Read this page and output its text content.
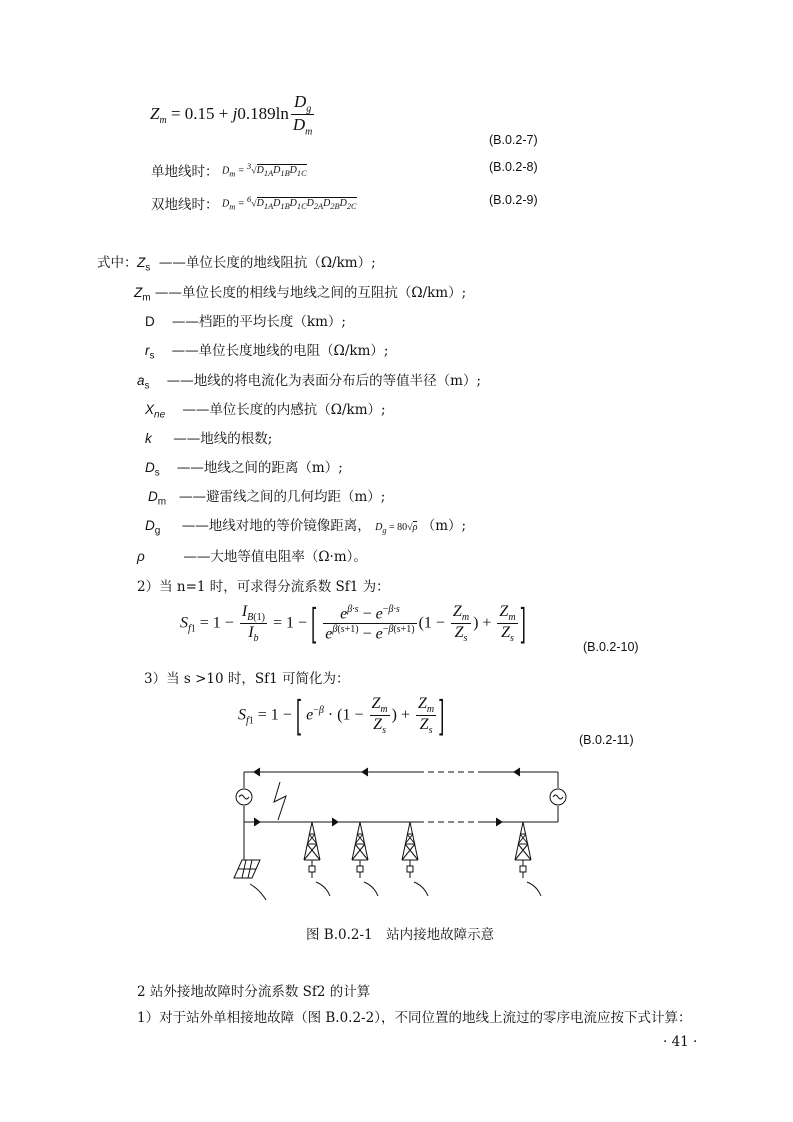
$Z_m = 0.15 + j0.189\ln \frac{D_g}{D_m}$
(B.0.2-7)
单地线时： $D_m = ^3√D_{1A}D_{1B}D_{1C}$	(B.0.2-8)
双地线时： $D_m = ^6√D_{1A}D_{1B}D_{1C}D_{2A}D_{2B}D_{2C}$	(B.0.2-9)
式中： $Z_s$ ——单位长度的地线阻抗（Ω/km）;
$Z_m$ ——单位长度的相线与地线之间的互阻抗（Ω/km）;
D ——档距的平均长度（km）;
$r_s$ ——单位长度地线的电阻（Ω/km）;
$a_s$ ——地线的将电流化为表面分布后的等值半径（m）;
$X_{ne}$ ——单位长度的内感抗（Ω/km）;
k ——地线的根数;
$D_s$ ——地线之间的距离（m）;
$D_m$ ——避雷线之间的几何均距（m）;
$D_g$ ——地线对地的等价镜像距离， $D_g = 80√\rho$ （m）;
ρ	——大地等值电阻率（Ω·m）。
2）当 n=1 时，可求得分流系数 Sf1 为：
$S_{f1} = 1 - \frac{I_{B(1)}}{I_b} = 1$ − [ $\frac{e^{\beta\cdot s} - e^{-\beta\cdot s}}{e^{\beta(s+1)} - e^{-\beta(s+1)}} (1 - \frac{Z_m}{Z_s}$ ) + $\frac{Z_m}{Z_s}$ ]	(B.0.2-10)
3）当 s >10 时，Sf1 可简化为：
$S_{f1} = 1$ − [ $e^{-\beta} \cdot (1 - \frac{Z_m}{Z_s}$ ) + $\frac{Z_m}{Z_s}$ ]	(B.0.2-11)
图 B.0.2-1　站内接地故障示意
2 站外接地故障时分流系数 Sf2 的计算
1）对于站外单相接地故障（图 B.0.2-2），不同位置的地线上流过的零序电流应按下式计算：
· 41 ·
